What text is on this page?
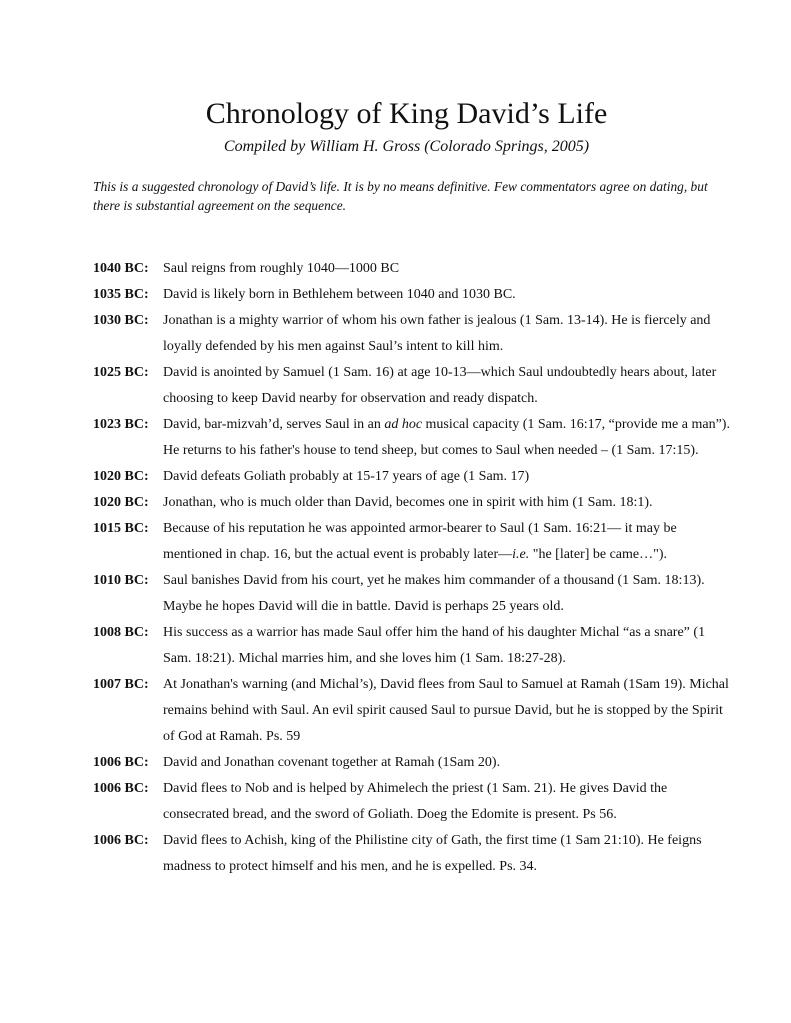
Chronology of King David’s Life

Compiled by William H. Gross (Colorado Springs, 2005)

This is a suggested chronology of David’s life. It is by no means definitive. Few commentators agree on dating, but there is substantial agreement on the sequence.

1040 BC:	Saul reigns from roughly 1040—1000 BC
1035 BC:	David is likely born in Bethlehem between 1040 and 1030 BC.
1030 BC:	Jonathan is a mighty warrior of whom his own father is jealous (1 Sam. 13-14). He is fiercely and loyally defended by his men against Saul’s intent to kill him.
1025 BC:	David is anointed by Samuel (1 Sam. 16) at age 10-13—which Saul undoubtedly hears about, later choosing to keep David nearby for observation and ready dispatch.
1023 BC:	David, bar-mizvah’d, serves Saul in an ad hoc musical capacity (1 Sam. 16:17, “provide me a man”). He returns to his father's house to tend sheep, but comes to Saul when needed – (1 Sam. 17:15).
1020 BC:	David defeats Goliath probably at 15-17 years of age (1 Sam. 17)
1020 BC:	Jonathan, who is much older than David, becomes one in spirit with him (1 Sam. 18:1).
1015 BC:	Because of his reputation he was appointed armor-bearer to Saul (1 Sam. 16:21— it may be mentioned in chap. 16, but the actual event is probably later—i.e. "he [later] be came…").
1010 BC:	Saul banishes David from his court, yet he makes him commander of a thousand (1 Sam. 18:13). Maybe he hopes David will die in battle. David is perhaps 25 years old.
1008 BC:	His success as a warrior has made Saul offer him the hand of his daughter Michal “as a snare” (1 Sam. 18:21). Michal marries him, and she loves him (1 Sam. 18:27-28).
1007 BC:	At Jonathan's warning (and Michal’s), David flees from Saul to Samuel at Ramah (1Sam 19). Michal remains behind with Saul. An evil spirit caused Saul to pursue David, but he is stopped by the Spirit of God at Ramah. Ps. 59
1006 BC:	David and Jonathan covenant together at Ramah (1Sam 20).
1006 BC:	David flees to Nob and is helped by Ahimelech the priest (1 Sam. 21). He gives David the consecrated bread, and the sword of Goliath. Doeg the Edomite is present. Ps 56.
1006 BC:	David flees to Achish, king of the Philistine city of Gath, the first time (1 Sam 21:10). He feigns madness to protect himself and his men, and he is expelled. Ps. 34.
